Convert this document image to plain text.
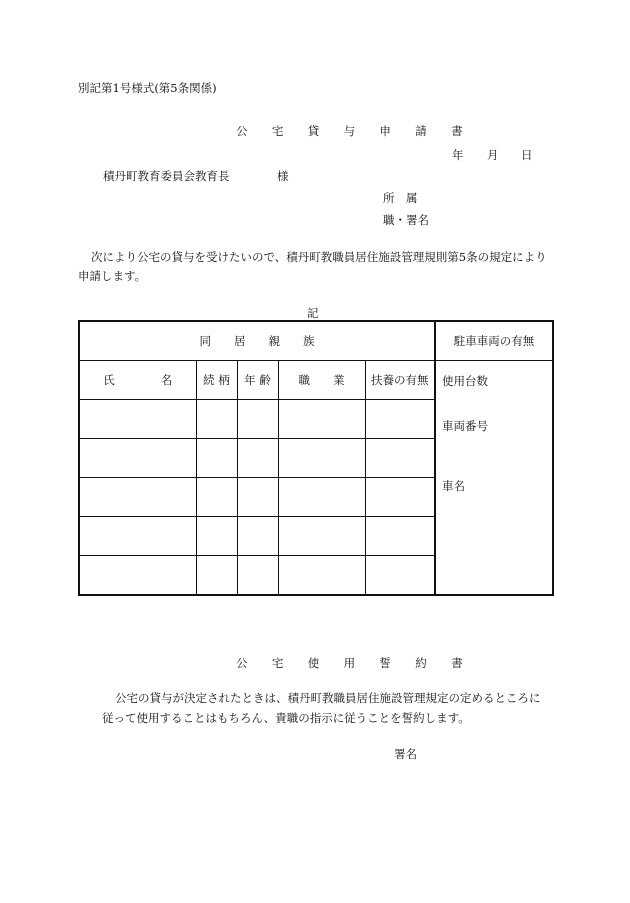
別記第1号様式(第5条関係)
公 宅 貸 与 申 請 書
年 月 日
積丹町教育委員会教育長	様
所　属
職・署名
次により公宅の貸与を受けたいので、積丹町教職員居住施設管理規則第5条の規定により
申請します。
記
同　　居　　親　　族					駐車車両の有無
氏　　　　名	続 柄	年 齢	職　　業	扶養の有無	使用台数
車両番号
車名

公 宅 使 用 誓 約 書
公宅の貸与が決定されたときは、積丹町教職員居住施設管理規定の定めるところに
従って使用することはもちろん、貴職の指示に従うことを誓約します。
署名
